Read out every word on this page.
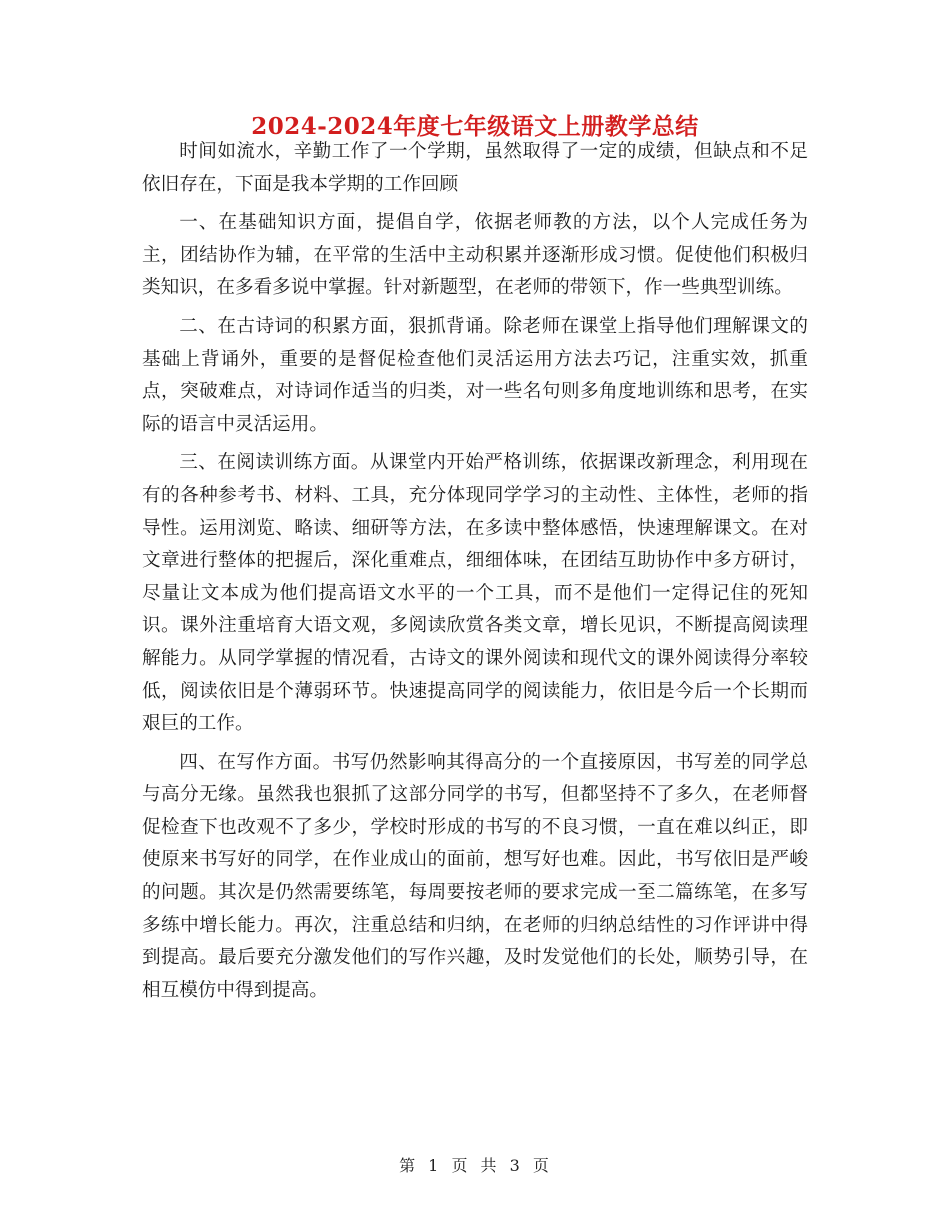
2024-2024年度七年级语文上册教学总结

时间如流水，辛勤工作了一个学期，虽然取得了一定的成绩，但缺点和不足依旧存在，下面是我本学期的工作回顾

一、在基础知识方面，提倡自学，依据老师教的方法，以个人完成任务为主，团结协作为辅，在平常的生活中主动积累并逐渐形成习惯。促使他们积极归类知识，在多看多说中掌握。针对新题型，在老师的带领下，作一些典型训练。

二、在古诗词的积累方面，狠抓背诵。除老师在课堂上指导他们理解课文的基础上背诵外，重要的是督促检查他们灵活运用方法去巧记，注重实效，抓重点，突破难点，对诗词作适当的归类，对一些名句则多角度地训练和思考，在实际的语言中灵活运用。

三、在阅读训练方面。从课堂内开始严格训练，依据课改新理念，利用现在有的各种参考书、材料、工具，充分体现同学学习的主动性、主体性，老师的指导性。运用浏览、略读、细研等方法，在多读中整体感悟，快速理解课文。在对文章进行整体的把握后，深化重难点，细细体味，在团结互助协作中多方研讨，尽量让文本成为他们提高语文水平的一个工具，而不是他们一定得记住的死知识。课外注重培育大语文观，多阅读欣赏各类文章，增长见识，不断提高阅读理解能力。从同学掌握的情况看，古诗文的课外阅读和现代文的课外阅读得分率较低，阅读依旧是个薄弱环节。快速提高同学的阅读能力，依旧是今后一个长期而艰巨的工作。

四、在写作方面。书写仍然影响其得高分的一个直接原因，书写差的同学总与高分无缘。虽然我也狠抓了这部分同学的书写，但都坚持不了多久，在老师督促检查下也改观不了多少，学校时形成的书写的不良习惯，一直在难以纠正，即使原来书写好的同学，在作业成山的面前，想写好也难。因此，书写依旧是严峻的问题。其次是仍然需要练笔，每周要按老师的要求完成一至二篇练笔，在多写多练中增长能力。再次，注重总结和归纳，在老师的归纳总结性的习作评讲中得到提高。最后要充分激发他们的写作兴趣，及时发觉他们的长处，顺势引导，在相互模仿中得到提高。

第 1 页 共 3 页
